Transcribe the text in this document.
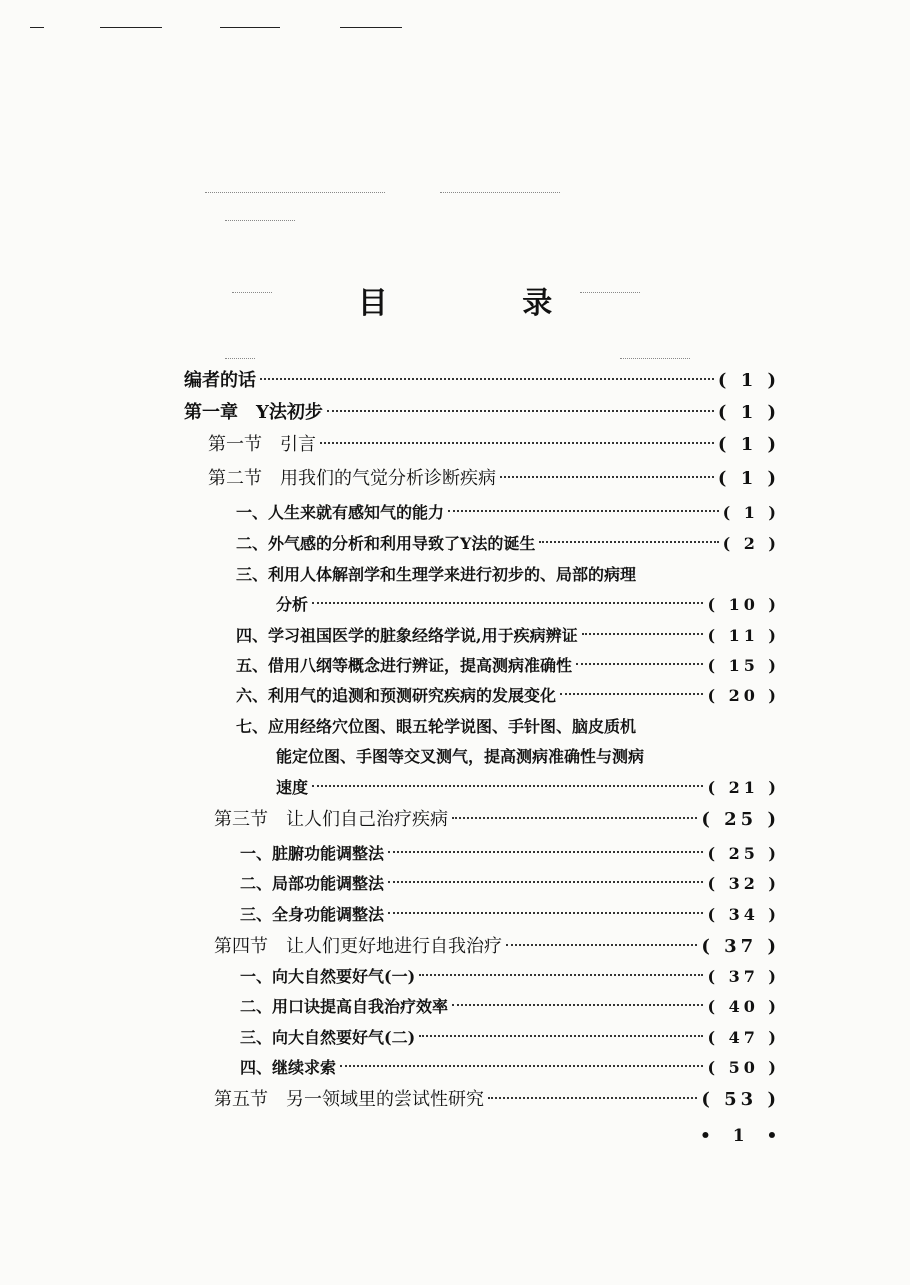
目 录
编者的话	( 1 )
第一章　Y法初步	( 1 )
第一节　引言	( 1 )
第二节　用我们的气觉分析诊断疾病	( 1 )
一、人生来就有感知气的能力	( 1 )
二、外气感的分析和利用导致了Y法的诞生	( 2 )
三、利用人体解剖学和生理学来进行初步的、局部的病理
分析	( 10 )
四、学习祖国医学的脏象经络学说,用于疾病辨证	( 11 )
五、借用八纲等概念进行辨证，提高测病准确性	( 15 )
六、利用气的追测和预测研究疾病的发展变化	( 20 )
七、应用经络穴位图、眼五轮学说图、手针图、脑皮质机
能定位图、手图等交叉测气，提高测病准确性与测病
速度	( 21 )
第三节　让人们自己治疗疾病	( 25 )
一、脏腑功能调整法	( 25 )
二、局部功能调整法	( 32 )
三、全身功能调整法	( 34 )
第四节　让人们更好地进行自我治疗	( 37 )
一、向大自然要好气(一)	( 37 )
二、用口诀提高自我治疗效率	( 40 )
三、向大自然要好气(二)	( 47 )
四、继续求索	( 50 )
第五节　另一领域里的尝试性研究	( 53 )
• 1 •
